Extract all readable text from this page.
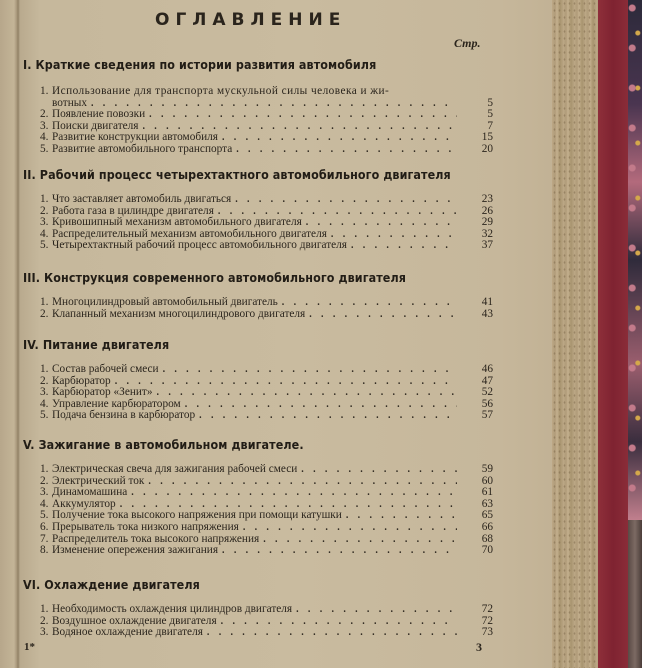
ОГЛАВЛЕНИЕ
Стр.
I. Краткие сведения по истории развития автомобиля
1. Использование для транспорта мускульной силы человека и жи-
вотных . . .	5
2. Появление повозки . . .	5
3. Поиски двигателя . . .	7
4. Развитие конструкции автомобиля . . .	15
5. Развитие автомобильного транспорта . . .	20
II. Рабочий процесс четырехтактного автомобильного двигателя
1. Что заставляет автомобиль двигаться . . .	23
2. Работа газа в цилиндре двигателя . . .	26
3. Кривошипный механизм автомобильного двигателя . . .	29
4. Распределительный механизм автомобильного двигателя . . .	32
5. Четырехтактный рабочий процесс автомобильного двигателя . . .	37
III. Конструкция современного автомобильного двигателя
1. Многоцилиндровый автомобильный двигатель . . .	41
2. Клапанный механизм многоцилиндрового двигателя . . .	43
IV. Питание двигателя
1. Состав рабочей смеси . . .	46
2. Карбюратор . . .	47
3. Карбюратор «Зенит» . . .	52
4. Управление карбюратором . . .	56
5. Подача бензина в карбюратор . . .	57
V. Зажигание в автомобильном двигателе.
1. Электрическая свеча для зажигания рабочей смеси . . .	59
2. Электрический ток . . .	60
3. Динамомашина . . .	61
4. Аккумулятор . . .	63
5. Получение тока высокого напряжения при помощи катушки . . .	65
6. Прерыватель тока низкого напряжения . . .	66
7. Распределитель тока высокого напряжения . . .	68
8. Изменение опережения зажигания . . .	70
VI. Охлаждение двигателя
1. Необходимость охлаждения цилиндров двигателя . . .	72
2. Воздушное охлаждение двигателя . . .	72
3. Водяное охлаждение двигателя . . .	73
1*	3
